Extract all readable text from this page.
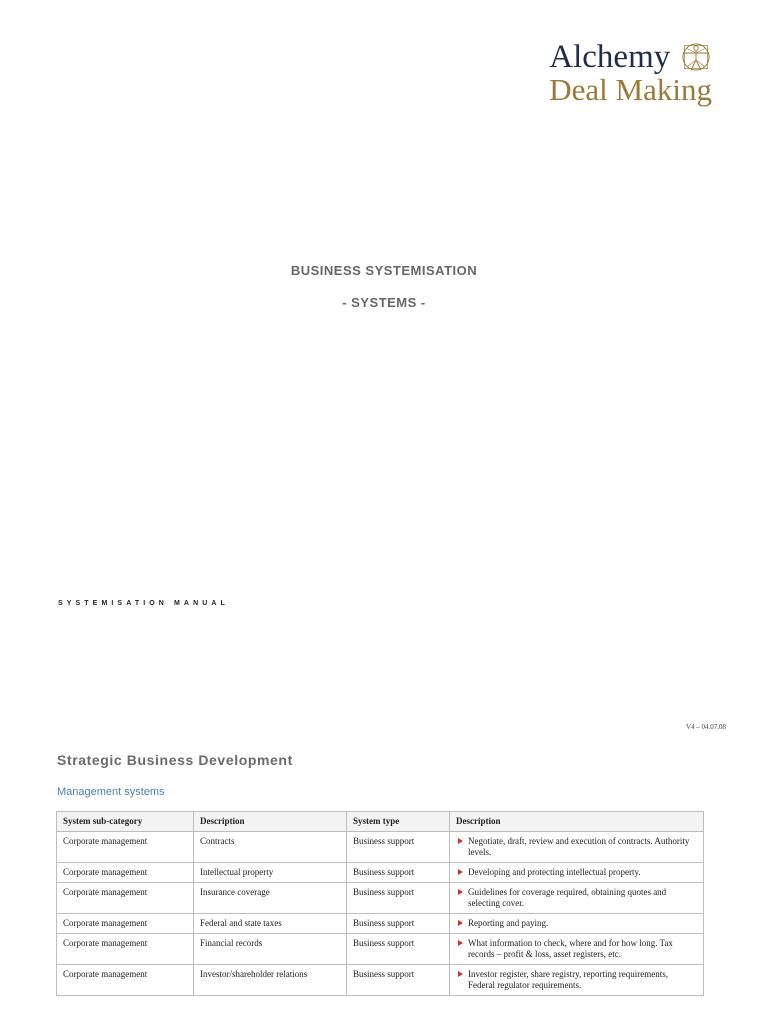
Alchemy
Deal Making
BUSINESS SYSTEMISATION
- SYSTEMS -
SYSTEMISATION MANUAL
V4 – 04.07.08
Strategic Business Development
Management systems
System sub-category	Description	System type	Description
Corporate management	Contracts	Business support	Negotiate, draft, review and execution of contracts. Authority levels.

Corporate management	Intellectual property	Business support	Developing and protecting intellectual property.

Corporate management	Insurance coverage	Business support	Guidelines for coverage required, obtaining quotes and selecting cover.

Corporate management	Federal and state taxes	Business support	Reporting and paying.

Corporate management	Financial records	Business support	What information to check, where and for how long. Tax records – profit & loss, asset registers, etc.

Corporate management	Investor/shareholder relations	Business support	Investor register, share registry, reporting requirements, Federal regulator requirements.
